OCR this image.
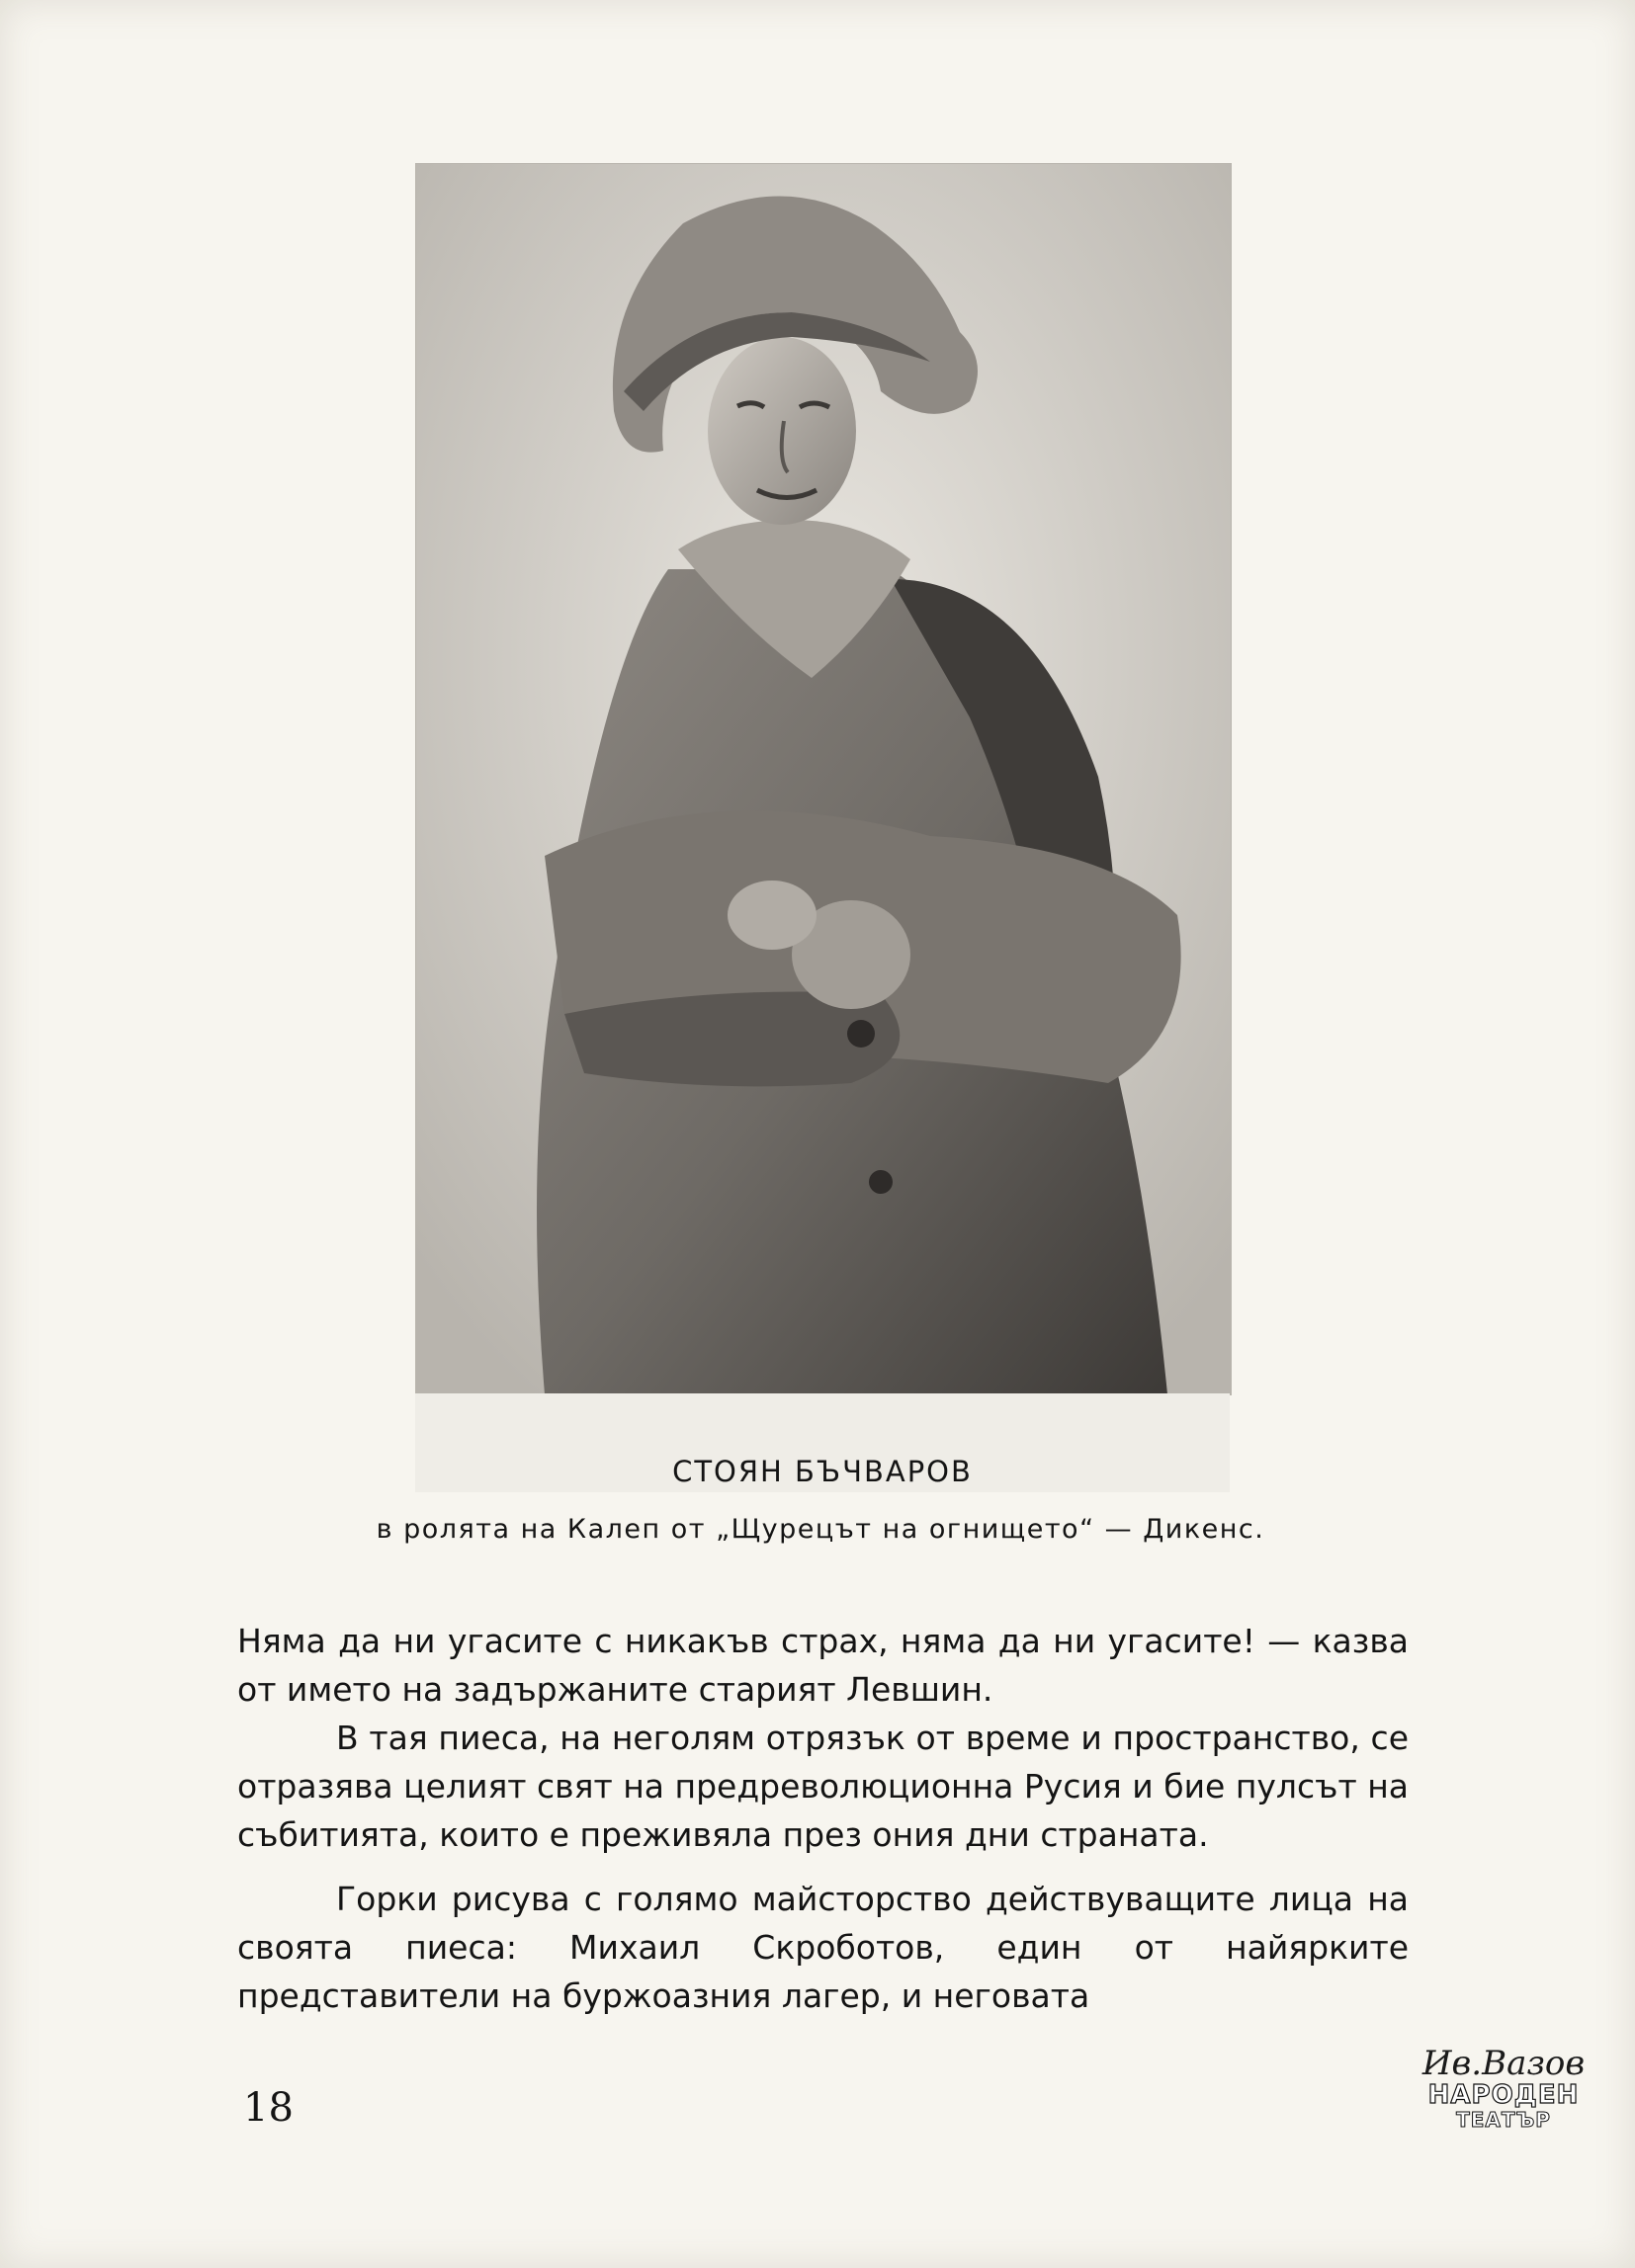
СТОЯН БЪЧВАРОВ
в ролята на Калеп от „Щурецът на огнището“ — Дикенс.

Няма да ни угасите с никакъв страх, няма да ни угасите! — казва от името на задържаните старият Левшин.

В тая пиеса, на неголям отрязък от време и пространство, се отразява целият свят на предреволюционна Русия и бие пулсът на събитията, които е преживяла през ония дни страната.

Горки рисува с голямо майсторство действуващите лица на своята пиеса: Михаил Скроботов, един от найярките представители на буржоазния лагер, и неговата

18
Ив.Вазов
НАРОДЕН
ТЕАТЪР
